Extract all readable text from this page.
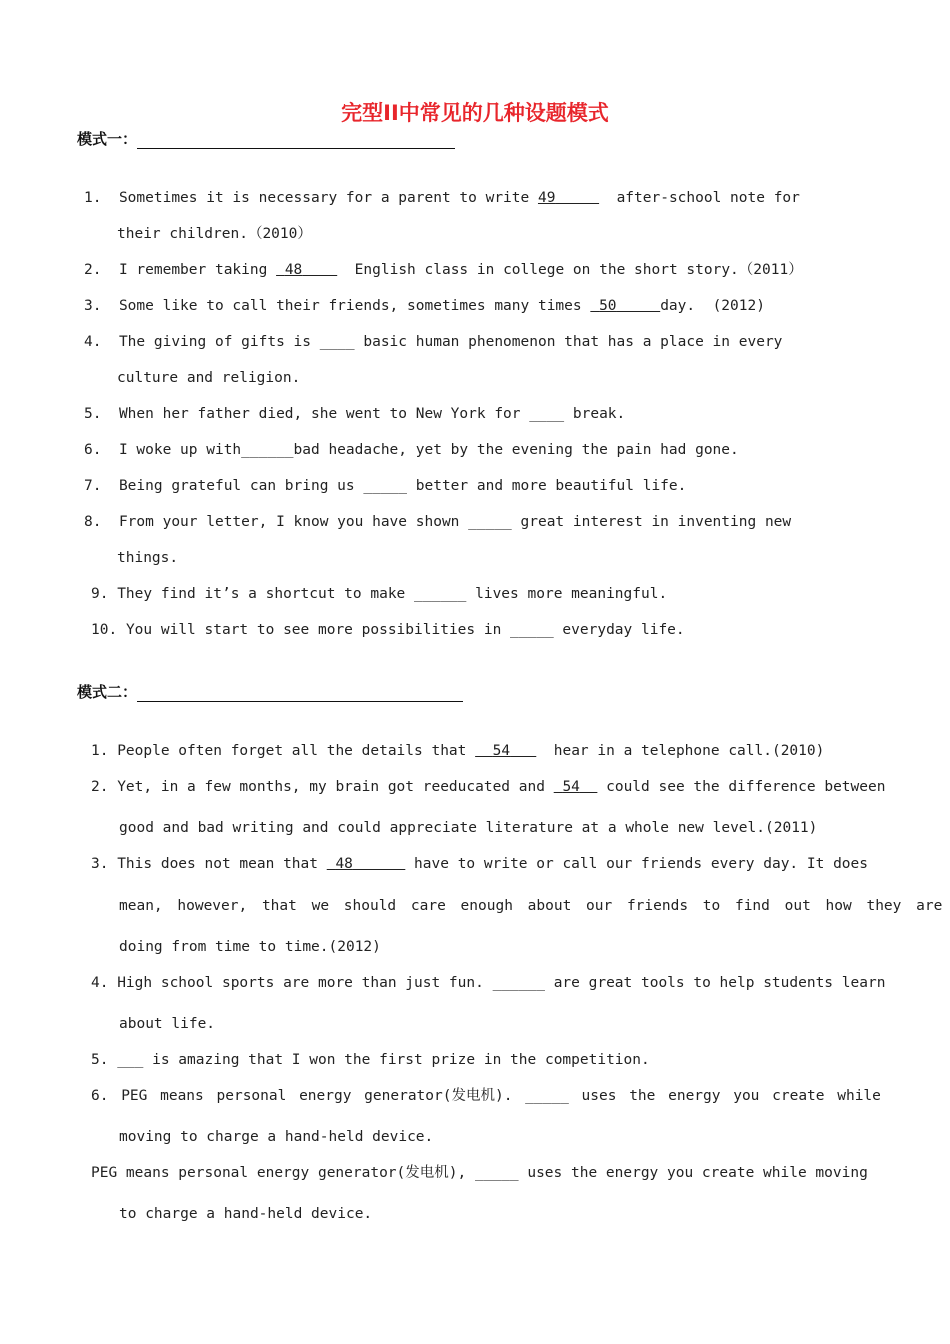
完型II中常见的几种设题模式
模式一：
1. Sometimes it is necessary for a parent to write 49	after-school note for
their children.（2010）
2. I remember taking  48	English class in college on the short story.（2011）
3. Some like to call their friends, sometimes many times  50	day.  (2012)
4. The giving of gifts is ____ basic human phenomenon that has a place in every
culture and religion.
5. When her father died, she went to New York for ____ break.
6. I woke up with______bad headache, yet by the evening the pain had gone.
7. Being grateful can bring us _____ better and more beautiful life.
8. From your letter, I know you have shown _____ great interest in inventing new
things.
9. They find it’s a shortcut to make ______ lives more meaningful.
10. You will start to see more possibilities in _____ everyday life.
模式二：
1. People often forget all the details that   54	hear in a telephone call.(2010)
2. Yet, in a few months, my brain got reeducated and  54 could see the difference between
good and bad writing and could appreciate literature at a whole new level.(2011)
3. This does not mean that  48	have to write or call our friends every day. It does
mean, however, that we should care enough about our friends to find out how they are
doing from time to time.(2012)
4. High school sports are more than just fun. ______ are great tools to help students learn
about life.
5. ___ is amazing that I won the first prize in the competition.
6. PEG means personal energy generator(发电机). _____ uses the energy you create while
moving to charge a hand-held device.
PEG means personal energy generator(发电机), _____ uses the energy you create while moving
to charge a hand-held device.
